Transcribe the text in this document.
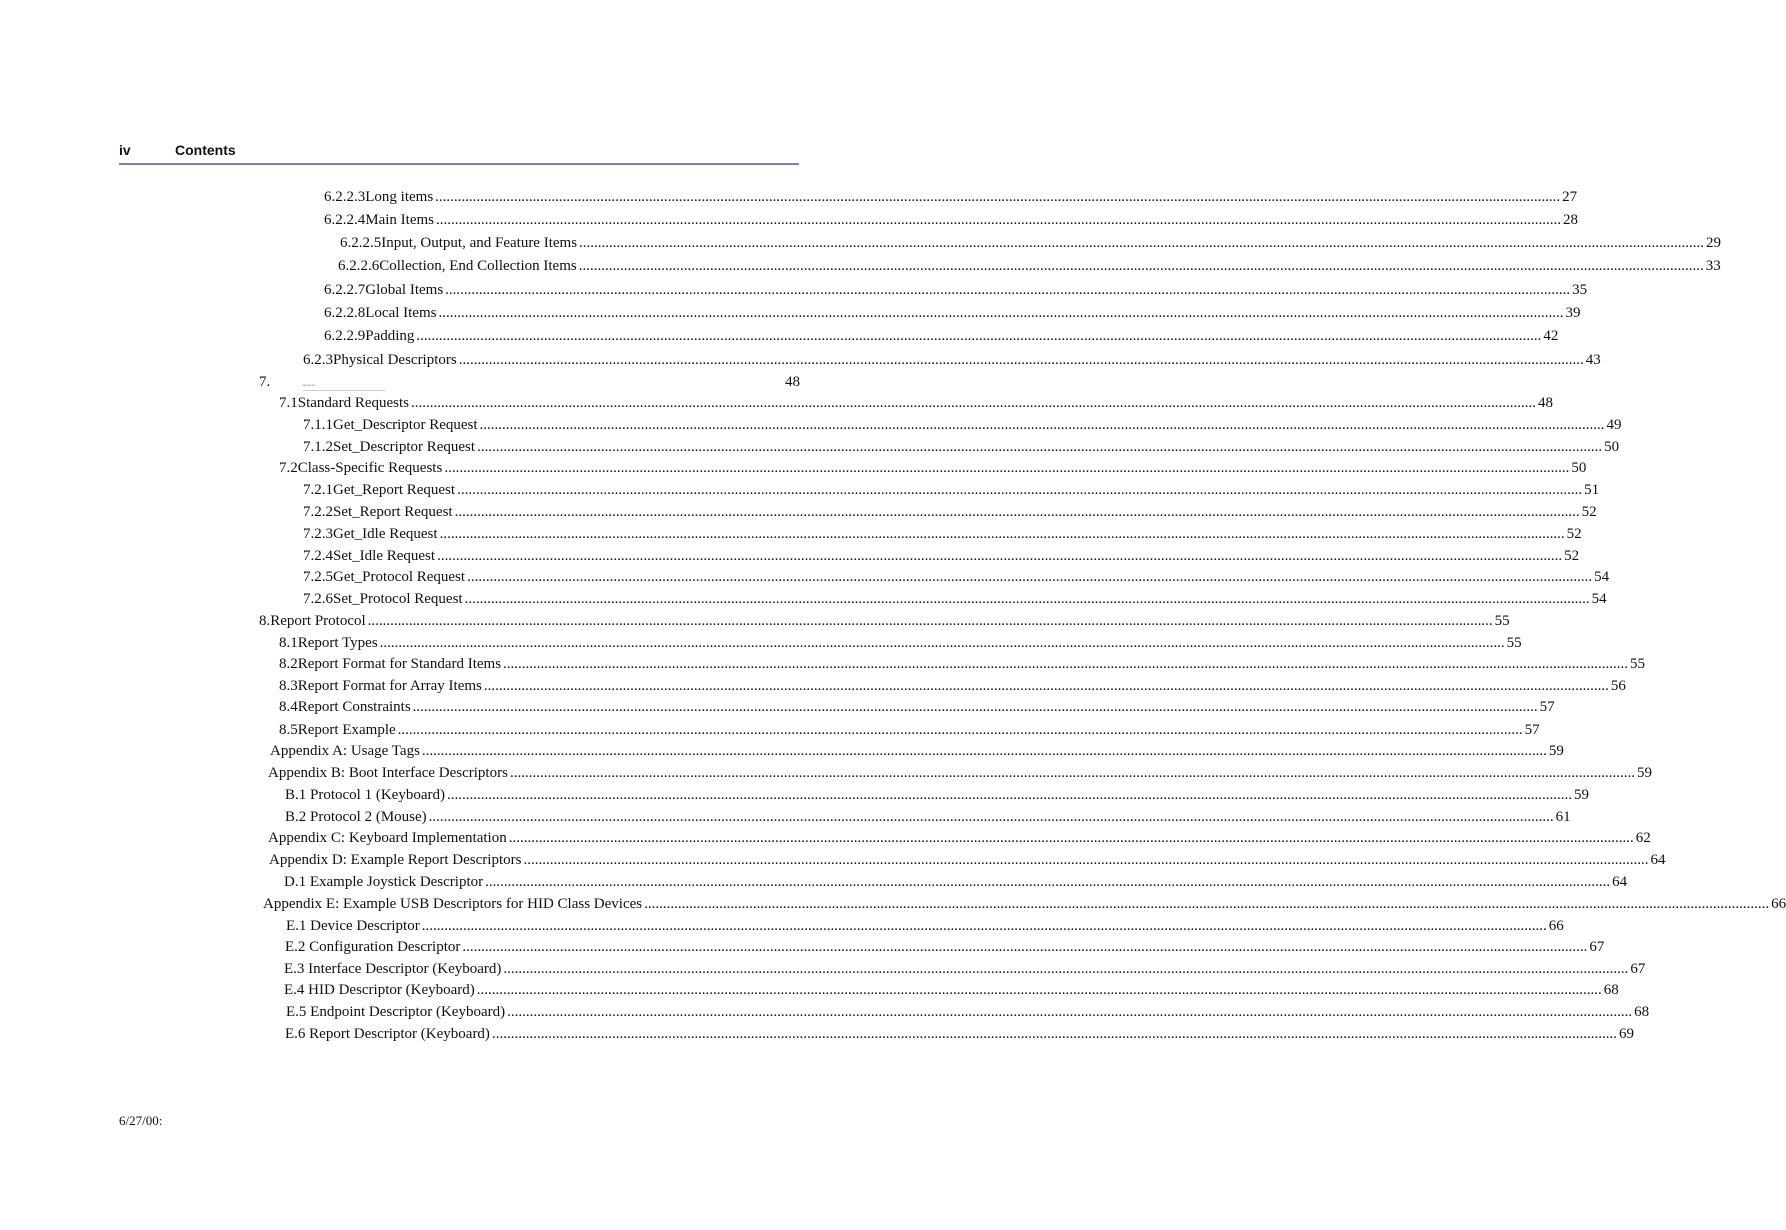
iv	Contents
Requests
6.2.2.3 Long items ............................................................................................................................................................................................................................................................................................................ 27
6.2.2.4 Main Items ............................................................................................................................................................................................................................................................................................................ 28
6.2.2.5 Input, Output, and Feature Items ............................................................................................................................................................................................................................................................................................................ 29
6.2.2.6 Collection, End Collection Items ............................................................................................................................................................................................................................................................................................................ 33
6.2.2.7 Global Items ............................................................................................................................................................................................................................................................................................................ 35
6.2.2.8 Local Items ............................................................................................................................................................................................................................................................................................................ 39
6.2.2.9 Padding ............................................................................................................................................................................................................................................................................................................ 42
6.2.3 Physical Descriptors ............................................................................................................................................................................................................................................................................................................ 43
7.	48
7.1 Standard Requests ............................................................................................................................................................................................................................................................................................................ 48
7.1.1 Get_Descriptor Request ............................................................................................................................................................................................................................................................................................................ 49
7.1.2 Set_Descriptor Request ............................................................................................................................................................................................................................................................................................................ 50
7.2 Class-Specific Requests ............................................................................................................................................................................................................................................................................................................ 50
7.2.1 Get_Report Request ............................................................................................................................................................................................................................................................................................................ 51
7.2.2 Set_Report Request ............................................................................................................................................................................................................................................................................................................ 52
7.2.3 Get_Idle Request ............................................................................................................................................................................................................................................................................................................ 52
7.2.4 Set_Idle Request ............................................................................................................................................................................................................................................................................................................ 52
7.2.5 Get_Protocol Request ............................................................................................................................................................................................................................................................................................................ 54
7.2.6 Set_Protocol Request ............................................................................................................................................................................................................................................................................................................ 54
8. Report Protocol ............................................................................................................................................................................................................................................................................................................ 55
8.1 Report Types ............................................................................................................................................................................................................................................................................................................ 55
8.2 Report Format for Standard Items ............................................................................................................................................................................................................................................................................................................ 55
8.3 Report Format for Array Items ............................................................................................................................................................................................................................................................................................................ 56
8.4 Report Constraints ............................................................................................................................................................................................................................................................................................................ 57
8.5 Report Example ............................................................................................................................................................................................................................................................................................................ 57
Appendix A: Usage Tags ............................................................................................................................................................................................................................................................................................................ 59
Appendix B: Boot Interface Descriptors ............................................................................................................................................................................................................................................................................................................ 59
B.1 Protocol 1 (Keyboard) ............................................................................................................................................................................................................................................................................................................ 59
B.2 Protocol 2 (Mouse) ............................................................................................................................................................................................................................................................................................................ 61
Appendix C: Keyboard Implementation ............................................................................................................................................................................................................................................................................................................ 62
Appendix D: Example Report Descriptors ............................................................................................................................................................................................................................................................................................................ 64
D.1 Example Joystick Descriptor ............................................................................................................................................................................................................................................................................................................ 64
Appendix E: Example USB Descriptors for HID Class Devices ............................................................................................................................................................................................................................................................................................................ 66
E.1 Device Descriptor ............................................................................................................................................................................................................................................................................................................ 66
E.2 Configuration Descriptor ............................................................................................................................................................................................................................................................................................................ 67
E.3 Interface Descriptor (Keyboard) ............................................................................................................................................................................................................................................................................................................ 67
E.4 HID Descriptor (Keyboard) ............................................................................................................................................................................................................................................................................................................ 68
E.5 Endpoint Descriptor (Keyboard) ............................................................................................................................................................................................................................................................................................................ 68
E.6 Report Descriptor (Keyboard) ............................................................................................................................................................................................................................................................................................................ 69
6/27/00:
